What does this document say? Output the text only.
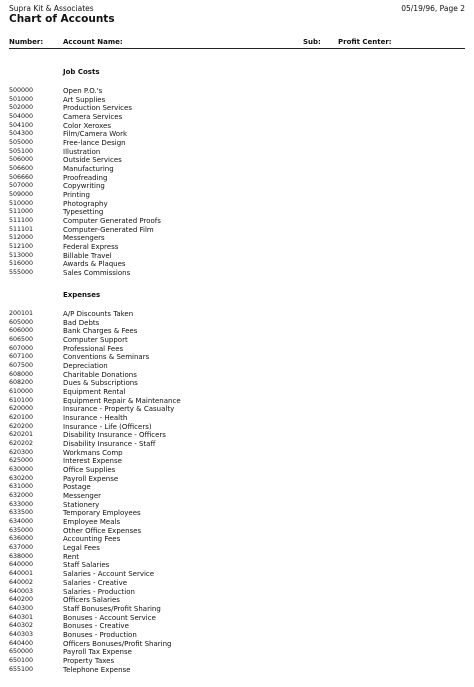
Supra Kit & Associates	05/19/96, Page 2
Chart of Accounts
Number:	Account Name:	Sub: Profit Center:
Job Costs
500000	Open P.O.'s
501000	Art Supplies
502000	Production Services
504000	Camera Services
504100	Color Xeroxes
504300	Film/Camera Work
505000	Free-lance Design
505100	Illustration
506000	Outside Services
506600	Manufacturing
506660	Proofreading
507000	Copywriting
509000	Printing
510000	Photography
511000	Typesetting
511100	Computer Generated Proofs
511101	Computer-Generated Film
512000	Messengers
512100	Federal Express
513000	Billable Travel
516000	Awards & Plaques
555000	Sales Commissions
Expenses
200101	A/P Discounts Taken
605000	Bad Debts
606000	Bank Charges & Fees
606500	Computer Support
607000	Professional Fees
607100	Conventions & Seminars
607500	Depreciation
608000	Charitable Donations
608200	Dues & Subscriptions
610000	Equipment Rental
610100	Equipment Repair & Maintenance
620000	Insurance - Property & Casualty
620100	Insurance - Health
620200	Insurance - Life (Officers)
620201	Disability Insurance - Officers
620202	Disability Insurance - Staff
620300	Workmans Comp
625000	Interest Expense
630000	Office Supplies
630200	Payroll Expense
631000	Postage
632000	Messenger
633000	Stationery
633500	Temporary Employees
634000	Employee Meals
635000	Other Office Expenses
636000	Accounting Fees
637000	Legal Fees
638000	Rent
640000	Staff Salaries
640001	Salaries - Account Service
640002	Salaries - Creative
640003	Salaries - Production
640200	Officers Salaries
640300	Staff Bonuses/Profit Sharing
640301	Bonuses - Account Service
640302	Bonuses - Creative
640303	Bonuses - Production
640400	Officers Bonuses/Profit Sharing
650000	Payroll Tax Expense
650100	Property Taxes
655100	Telephone Expense
